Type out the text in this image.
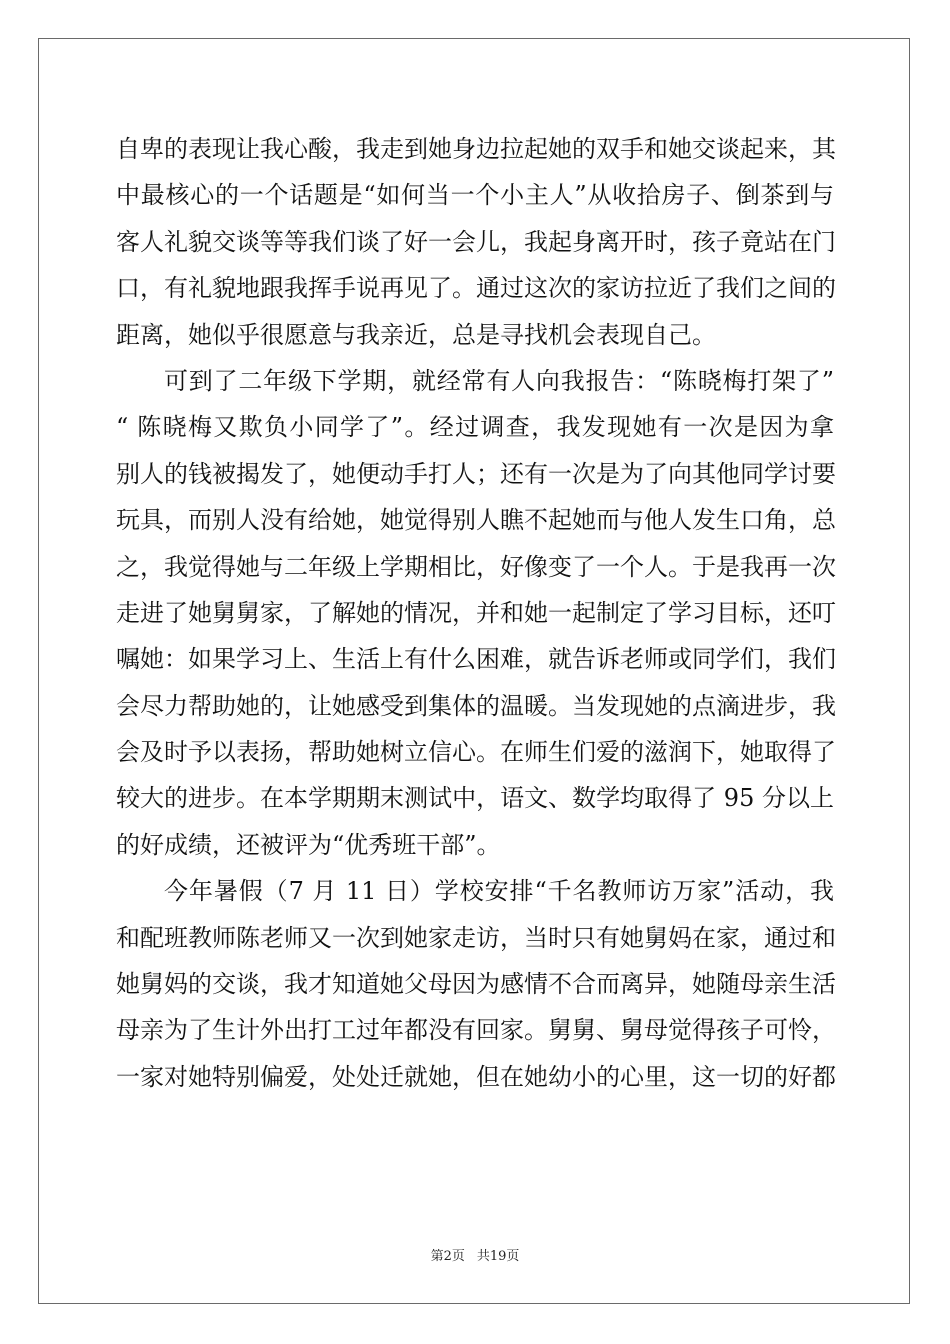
自卑的表现让我心酸，我走到她身边拉起她的双手和她交谈起来，其
中最核心的一个话题是“如何当一个小主人”从收拾房子、倒茶到与
客人礼貌交谈等等我们谈了好一会儿，我起身离开时，孩子竟站在门
口，有礼貌地跟我挥手说再见了。通过这次的家访拉近了我们之间的
距离，她似乎很愿意与我亲近，总是寻找机会表现自己。
可到了二年级下学期，就经常有人向我报告：“陈晓梅打架了”
“ 陈晓梅又欺负小同学了”。经过调查，我发现她有一次是因为拿
别人的钱被揭发了，她便动手打人；还有一次是为了向其他同学讨要
玩具，而别人没有给她，她觉得别人瞧不起她而与他人发生口角，总
之，我觉得她与二年级上学期相比，好像变了一个人。于是我再一次
走进了她舅舅家，了解她的情况，并和她一起制定了学习目标，还叮
嘱她：如果学习上、生活上有什么困难，就告诉老师或同学们，我们
会尽力帮助她的，让她感受到集体的温暖。当发现她的点滴进步，我
会及时予以表扬，帮助她树立信心。在师生们爱的滋润下，她取得了
较大的进步。在本学期期末测试中，语文、数学均取得了 95 分以上
的好成绩，还被评为“优秀班干部”。
今年暑假（7 月 11 日）学校安排“千名教师访万家”活动，我
和配班教师陈老师又一次到她家走访，当时只有她舅妈在家，通过和
她舅妈的交谈，我才知道她父母因为感情不合而离异，她随母亲生活
母亲为了生计外出打工过年都没有回家。舅舅、舅母觉得孩子可怜，
一家对她特别偏爱，处处迁就她，但在她幼小的心里，这一切的好都
第2页 共19页
